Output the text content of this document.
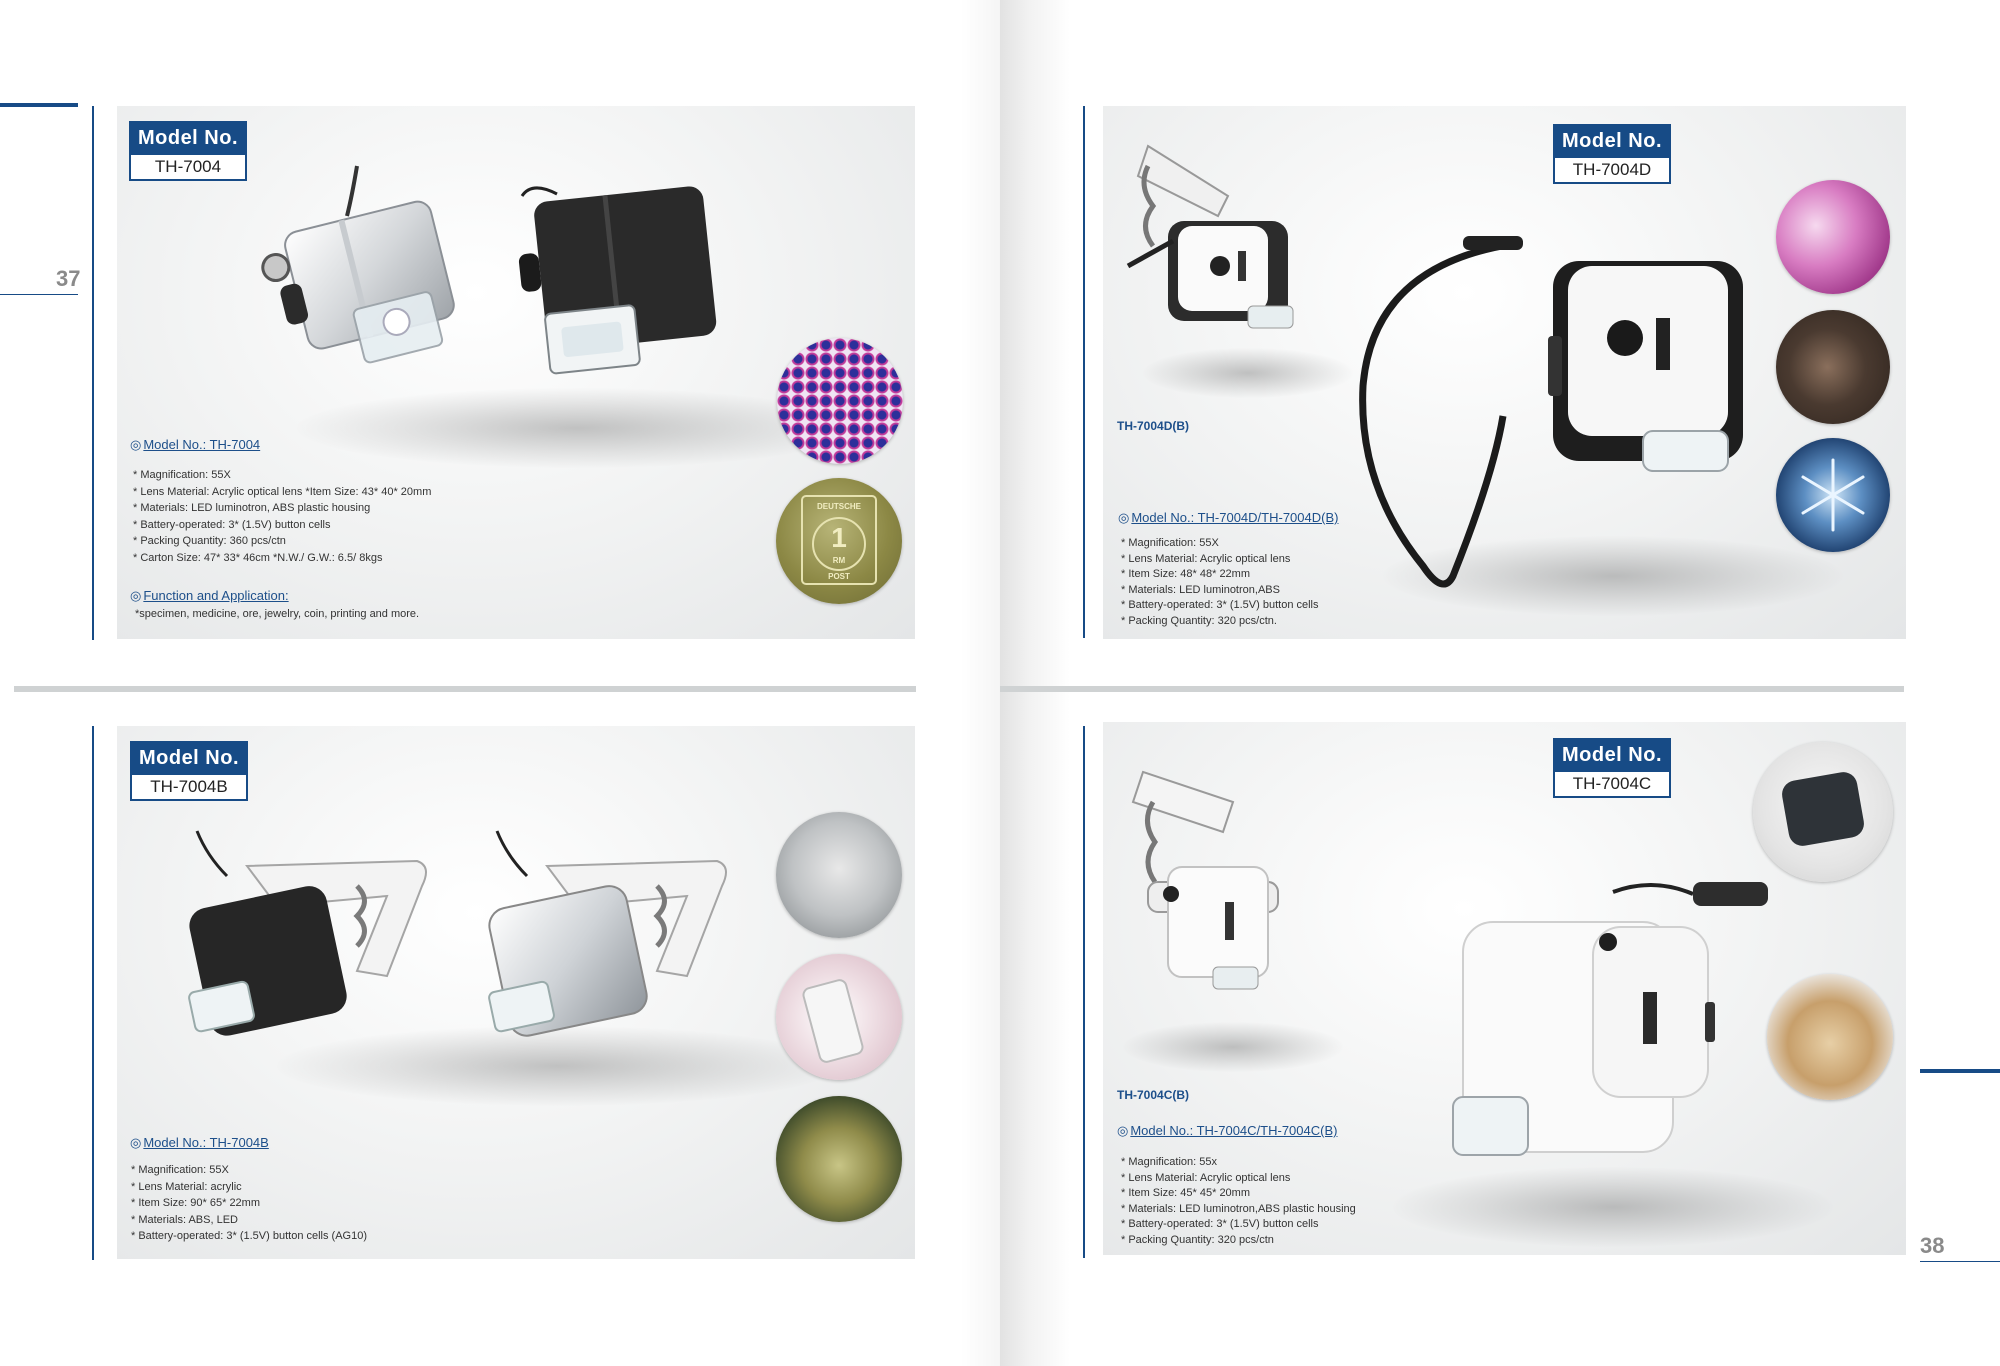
37
38
Model No.
TH-7004
DEUTSCHE
1
RM
POST
◎ Model No.: TH-7004
* Magnification: 55X
* Lens Material: Acrylic optical lens *Item Size: 43* 40* 20mm
* Materials: LED luminotron, ABS plastic housing
* Battery-operated: 3* (1.5V) button cells
* Packing Quantity: 360 pcs/ctn
* Carton Size: 47* 33* 46cm *N.W./ G.W.: 6.5/ 8kgs
◎ Function and Application:
*specimen, medicine, ore, jewelry, coin, printing and more.
Model No.
TH-7004D
TH-7004D(B)
◎ Model No.: TH-7004D/TH-7004D(B)
* Magnification: 55X
* Lens Material: Acrylic optical lens
* Item Size: 48* 48* 22mm
* Materials: LED luminotron,ABS
* Battery-operated: 3* (1.5V) button cells
* Packing Quantity: 320 pcs/ctn.
Model No.
TH-7004B
◎ Model No.: TH-7004B
* Magnification: 55X
* Lens Material: acrylic
* Item Size: 90* 65* 22mm
* Materials: ABS, LED
* Battery-operated: 3* (1.5V) button cells (AG10)
Model No.
TH-7004C
TH-7004C(B)
◎ Model No.: TH-7004C/TH-7004C(B)
* Magnification: 55x
* Lens Material: Acrylic optical lens
* Item Size: 45* 45* 20mm
* Materials: LED luminotron,ABS plastic housing
* Battery-operated: 3* (1.5V) button cells
* Packing Quantity: 320 pcs/ctn
